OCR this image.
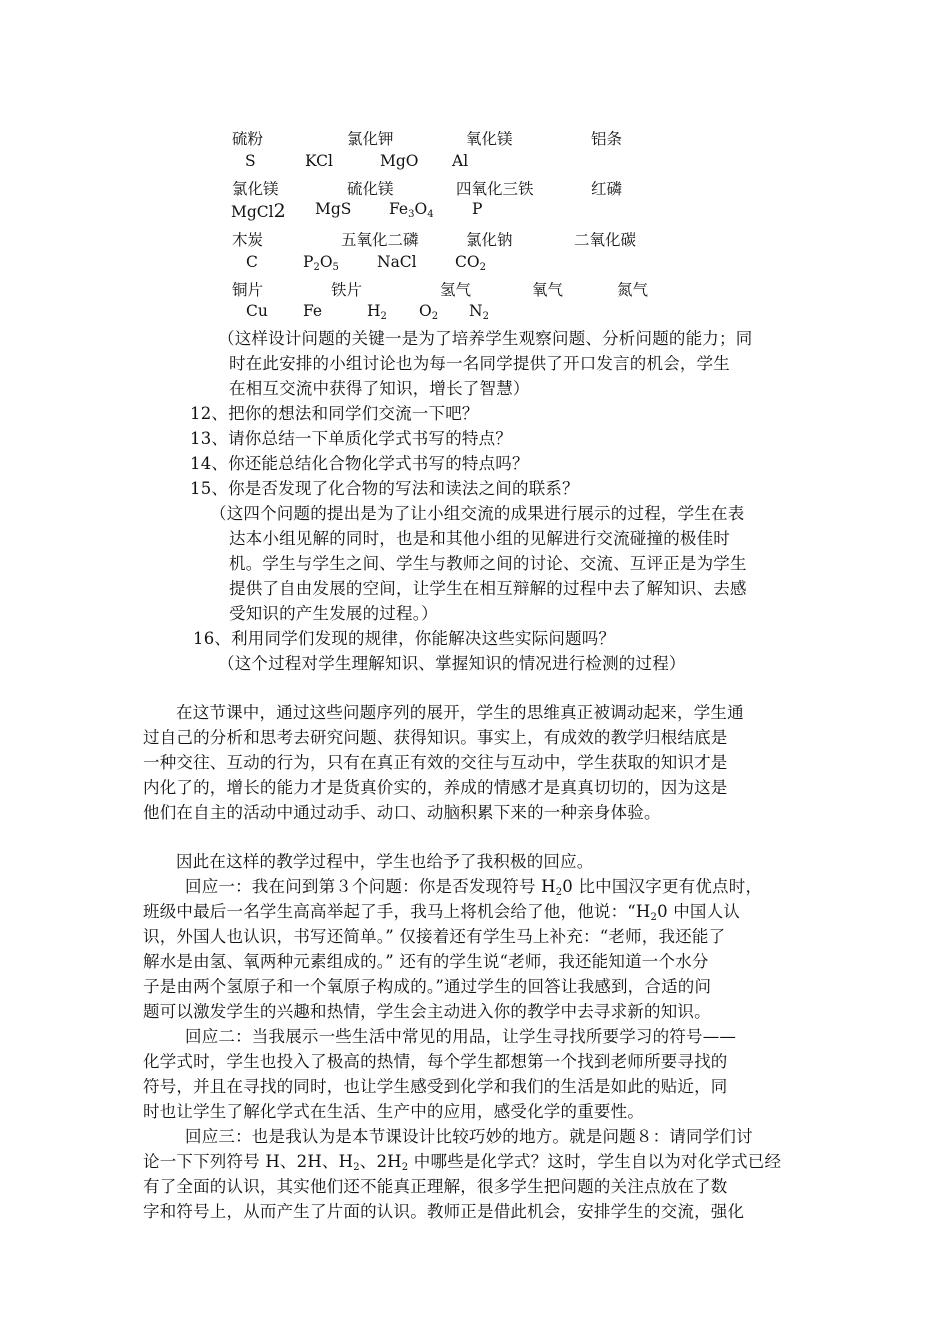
硫粉	氯化钾	氧化镁	铝条
S	KCl	MgO Al
氯化镁	硫化镁	四氧化三铁	红磷
MgCl2 MgS $Fe_3O_4$ P
木炭	五氧化二磷	氯化钠	二氧化碳
C	$P_2O_5$ NaCl $CO_2$
铜片	铁片	氢气	氧气	氮气
Cu Fe	$H_2$ $O_2$ $N_2$
（这样设计问题的关键一是为了培养学生观察问题、分析问题的能力；同
时在此安排的小组讨论也为每一名同学提供了开口发言的机会，学生
在相互交流中获得了知识，增长了智慧）
12、把你的想法和同学们交流一下吧？
13、请你总结一下单质化学式书写的特点？
14、你还能总结化合物化学式书写的特点吗？
15、你是否发现了化合物的写法和读法之间的联系？
（这四个问题的提出是为了让小组交流的成果进行展示的过程，学生在表
达本小组见解的同时，也是和其他小组的见解进行交流碰撞的极佳时
机。学生与学生之间、学生与教师之间的讨论、交流、互评正是为学生
提供了自由发展的空间，让学生在相互辩解的过程中去了解知识、去感
受知识的产生发展的过程。）
16、利用同学们发现的规律，你能解决这些实际问题吗？
（这个过程对学生理解知识、掌握知识的情况进行检测的过程）
在这节课中，通过这些问题序列的展开，学生的思维真正被调动起来，学生通
过自己的分析和思考去研究问题、获得知识。事实上，有成效的教学归根结底是
一种交往、互动的行为，只有在真正有效的交往与互动中，学生获取的知识才是
内化了的，增长的能力才是货真价实的，养成的情感才是真真切切的，因为这是
他们在自主的活动中通过动手、动口、动脑积累下来的一种亲身体验。
因此在这样的教学过程中，学生也给予了我积极的回应。
回应一：我在问到第３个问题：你是否发现符号 $H_20$ 比中国汉字更有优点时，
班级中最后一名学生高高举起了手，我马上将机会给了他，他说：“$H_20$ 中国人认
识，外国人也认识，书写还简单。” 仅接着还有学生马上补充：“老师，我还能了
解水是由氢、氧两种元素组成的。” 还有的学生说“老师，我还能知道一个水分
子是由两个氢原子和一个氧原子构成的。”通过学生的回答让我感到，合适的问
题可以激发学生的兴趣和热情，学生会主动进入你的教学中去寻求新的知识。
回应二：当我展示一些生活中常见的用品，让学生寻找所要学习的符号——
化学式时，学生也投入了极高的热情，每个学生都想第一个找到老师所要寻找的
符号，并且在寻找的同时，也让学生感受到化学和我们的生活是如此的贴近，同
时也让学生了解化学式在生活、生产中的应用，感受化学的重要性。
回应三：也是我认为是本节课设计比较巧妙的地方。就是问题８：请同学们讨
论一下下列符号 H、2H、$H_2$、$2H_2$ 中哪些是化学式？这时，学生自以为对化学式已经
有了全面的认识，其实他们还不能真正理解，很多学生把问题的关注点放在了数
字和符号上，从而产生了片面的认识。教师正是借此机会，安排学生的交流，强化
